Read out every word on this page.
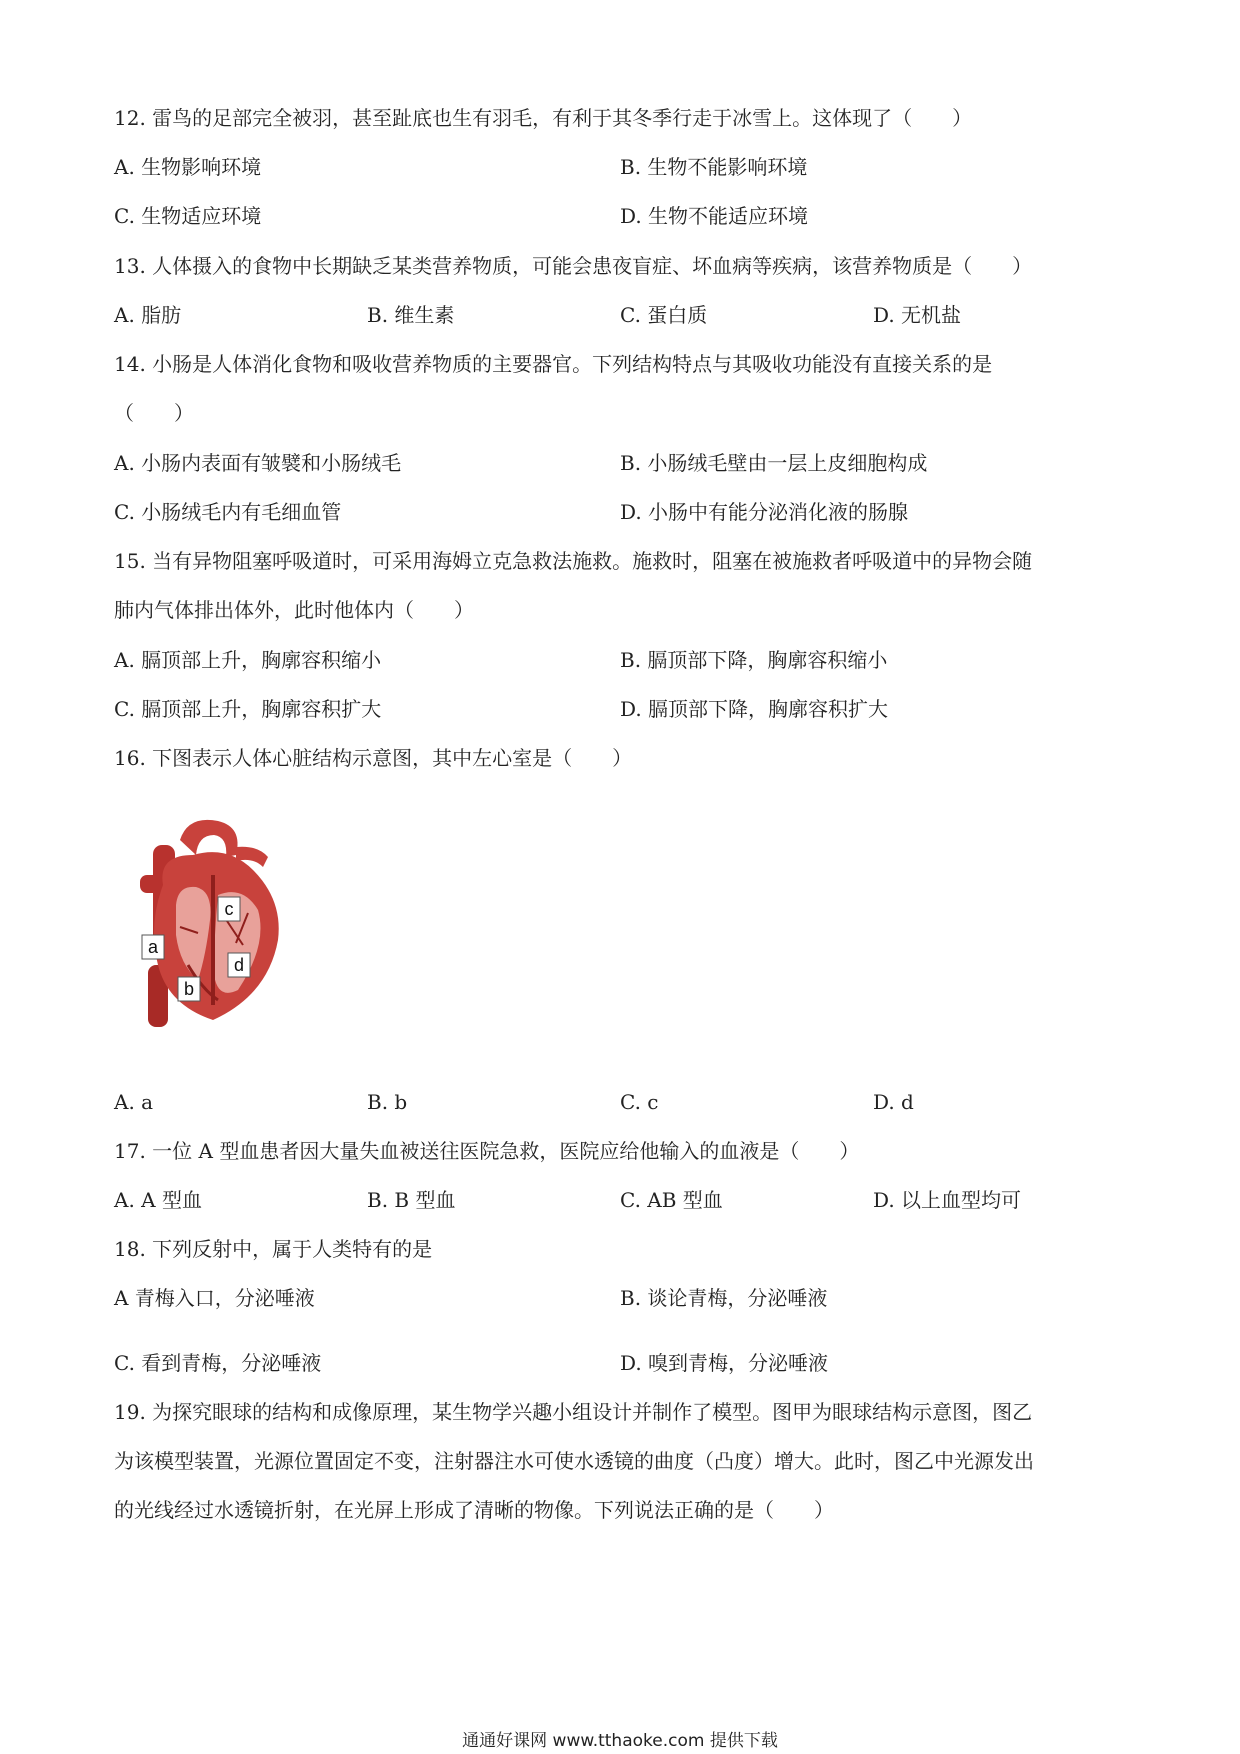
12. 雷鸟的足部完全被羽，甚至趾底也生有羽毛，有利于其冬季行走于冰雪上。这体现了（　　）
A. 生物影响环境	B. 生物不能影响环境
C. 生物适应环境	D. 生物不能适应环境
13. 人体摄入的食物中长期缺乏某类营养物质，可能会患夜盲症、坏血病等疾病，该营养物质是（　　）
A. 脂肪	B. 维生素	C. 蛋白质	D. 无机盐
14. 小肠是人体消化食物和吸收营养物质的主要器官。下列结构特点与其吸收功能没有直接关系的是
（　　）
A. 小肠内表面有皱襞和小肠绒毛	B. 小肠绒毛壁由一层上皮细胞构成
C. 小肠绒毛内有毛细血管	D. 小肠中有能分泌消化液的肠腺
15. 当有异物阻塞呼吸道时，可采用海姆立克急救法施救。施救时，阻塞在被施救者呼吸道中的异物会随
肺内气体排出体外，此时他体内（　　）
A. 膈顶部上升，胸廓容积缩小	B. 膈顶部下降，胸廓容积缩小
C. 膈顶部上升，胸廓容积扩大	D. 膈顶部下降，胸廓容积扩大
16. 下图表示人体心脏结构示意图，其中左心室是（　　）
a
b
c
d
A. a	B. b	C. c	D. d
17. 一位 A 型血患者因大量失血被送往医院急救，医院应给他输入的血液是（　　）
A. A 型血	B. B 型血	C. AB 型血	D. 以上血型均可
18. 下列反射中，属于人类特有的是
A 青梅入口，分泌唾液	B. 谈论青梅，分泌唾液
C. 看到青梅，分泌唾液	D. 嗅到青梅，分泌唾液
19. 为探究眼球的结构和成像原理，某生物学兴趣小组设计并制作了模型。图甲为眼球结构示意图，图乙
为该模型装置，光源位置固定不变，注射器注水可使水透镜的曲度（凸度）增大。此时，图乙中光源发出
的光线经过水透镜折射，在光屏上形成了清晰的物像。下列说法正确的是（　　）
通通好课网 www.tthaoke.com 提供下载
